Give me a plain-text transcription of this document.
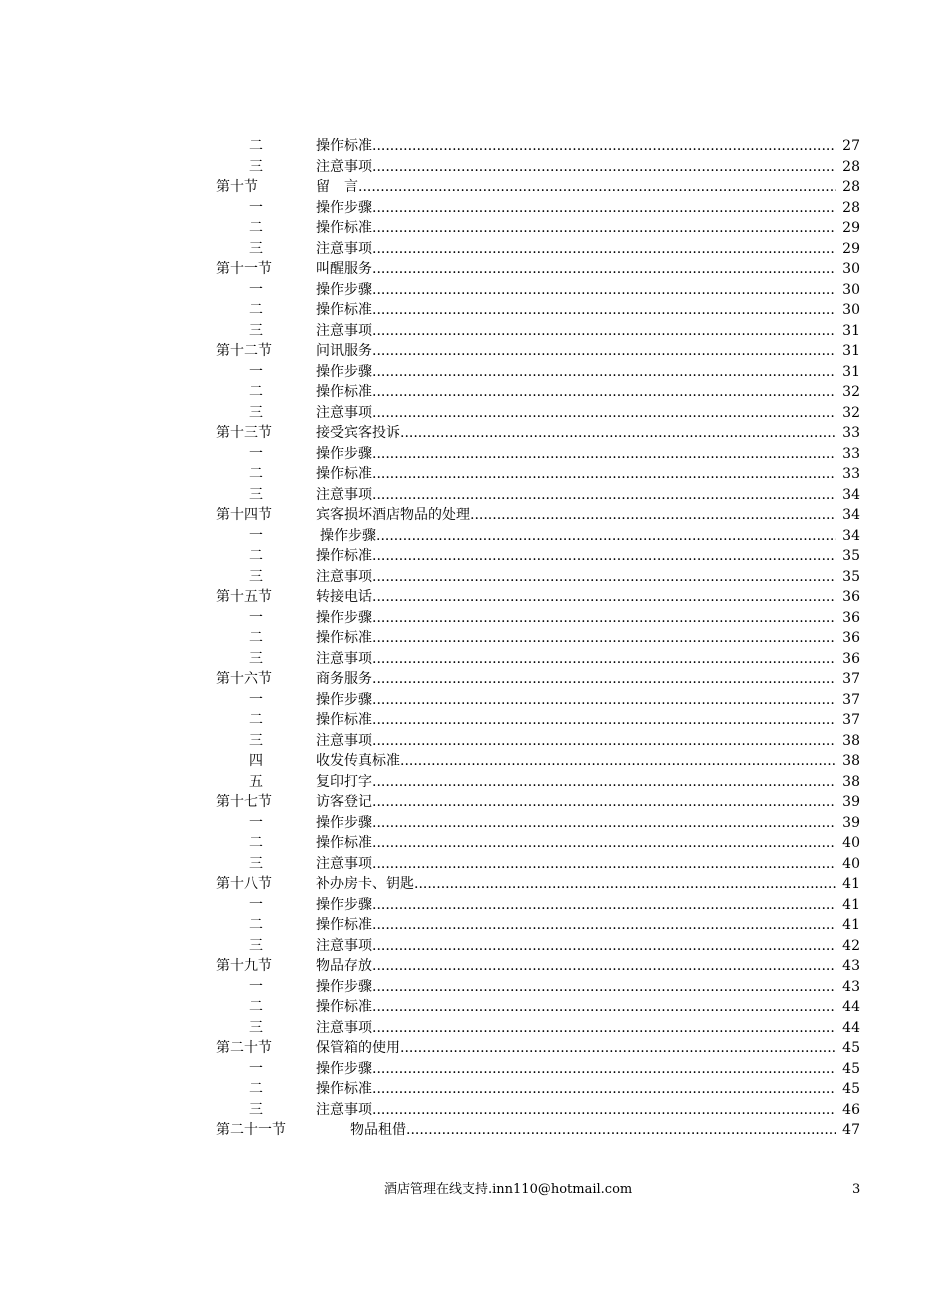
二 .....	操作标准	27
三 .....	注意事项	28
第十节 .....	留　言	28
一 .....	操作步骤	28
二 .....	操作标准	29
三 .....	注意事项	29
第十一节 .....	叫醒服务	30
一 .....	操作步骤	30
二 .....	操作标准	30
三 .....	注意事项	31
第十二节 .....	问讯服务	31
一 .....	操作步骤	31
二 .....	操作标准	32
三 .....	注意事项	32
第十三节 .....	接受宾客投诉	33
一 .....	操作步骤	33
二 .....	操作标准	33
三 .....	注意事项	34
第十四节 .....	宾客损坏酒店物品的处理	34
一 .....	操作步骤	34
二 .....	操作标准	35
三 .....	注意事项	35
第十五节 .....	转接电话	36
一 .....	操作步骤	36
二 .....	操作标准	36
三 .....	注意事项	36
第十六节 .....	商务服务	37
一 .....	操作步骤	37
二 .....	操作标准	37
三 .....	注意事项	38
四 .....	收发传真标准	38
五 .....	复印打字	38
第十七节 .....	访客登记	39
一 .....	操作步骤	39
二 .....	操作标准	40
三 .....	注意事项	40
第十八节 .....	补办房卡、钥匙	41
一 .....	操作步骤	41
二 .....	操作标准	41
三 .....	注意事项	42
第十九节 .....	物品存放	43
一 .....	操作步骤	43
二 .....	操作标准	44
三 .....	注意事项	44
第二十节 .....	保管箱的使用	45
一 .....	操作步骤	45
二 .....	操作标准	45
三 .....	注意事项	46
第二十一节 .....	物品租借	47
酒店管理在线支持.inn110@hotmail.com	3
